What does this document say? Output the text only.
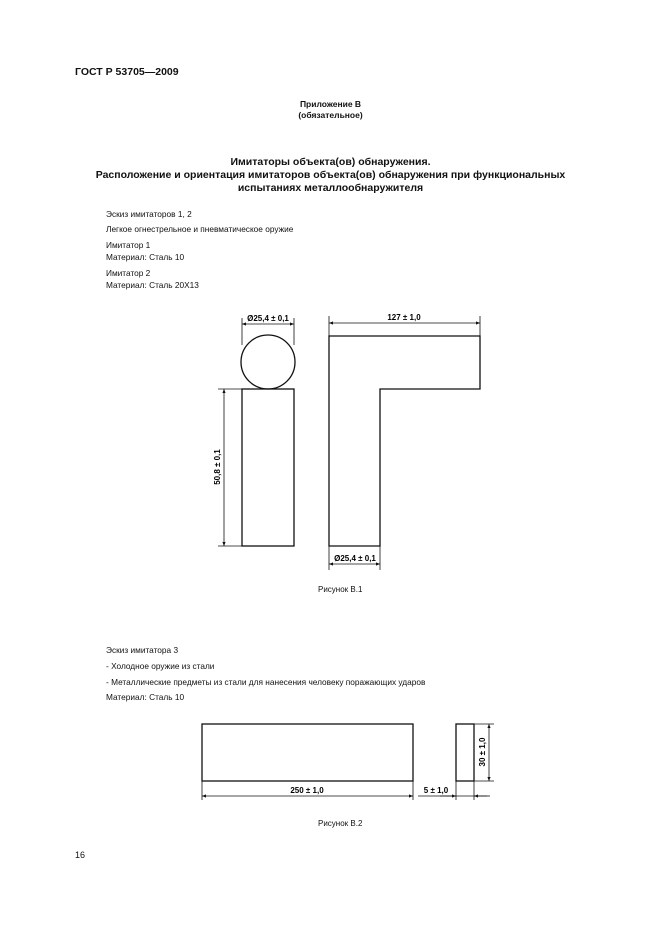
ГОСТ Р 53705—2009
Приложение В
(обязательное)
Имитаторы объекта(ов) обнаружения.
Расположение и ориентация имитаторов объекта(ов) обнаружения при функциональных
испытаниях металлообнаружителя
Эскиз имитаторов 1, 2
Легкое огнестрельное и пневматическое оружие
Имитатор 1
Материал: Сталь 10
Имитатор 2
Материал: Сталь 20Х13
Ø25,4 ± 0,1
50,8 ± 0,1
127 ± 1,0
Ø25,4 ± 0,1
250 ± 1,0	5 ± 1,0
30 ± 1,0
Рисунок В.1
Эскиз имитатора 3
- Холодное оружие из стали
- Металлические предметы из стали для нанесения человеку поражающих ударов
Материал: Сталь 10
Рисунок В.2
16
